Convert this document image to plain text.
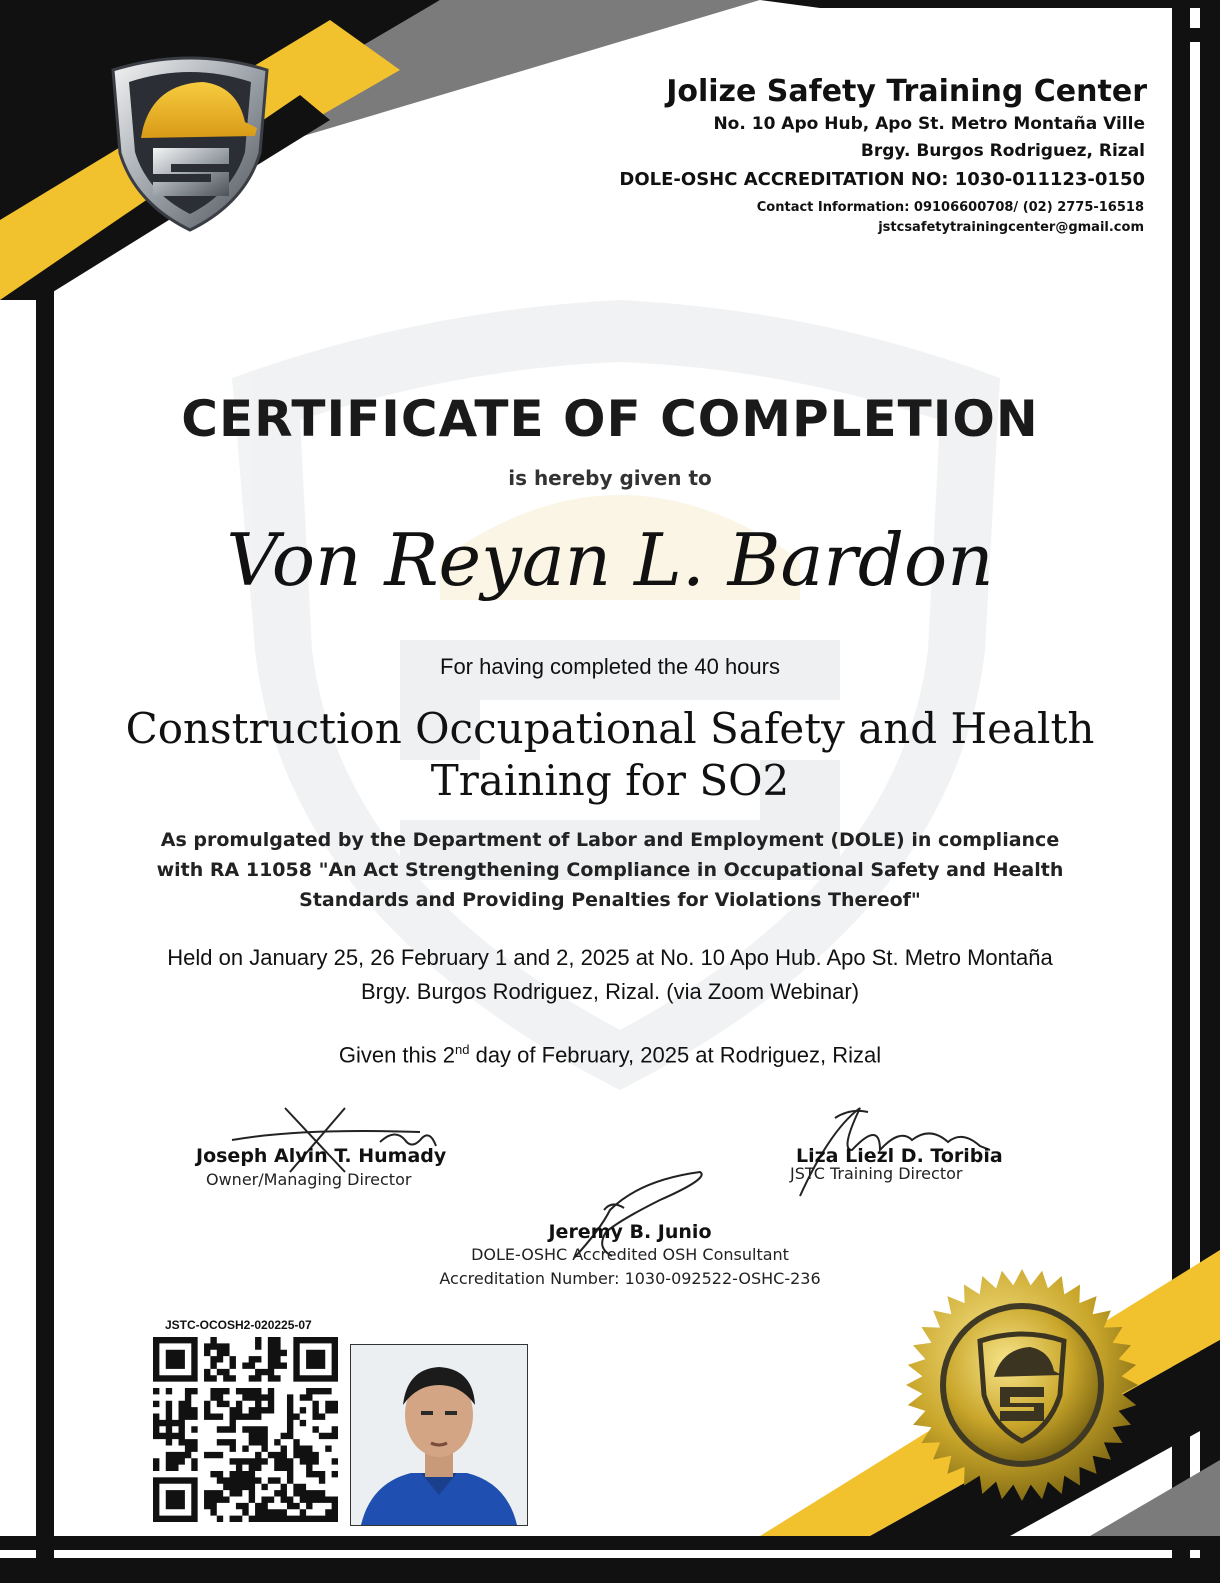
Jolize Safety Training Center
No. 10 Apo Hub, Apo St. Metro Montaña Ville
Brgy. Burgos Rodriguez, Rizal
DOLE-OSHC ACCREDITATION NO: 1030-011123-0150
Contact Information: 09106600708/ (02) 2775-16518
jstcsafetytrainingcenter@gmail.com
CERTIFICATE OF COMPLETION
is hereby given to
Von Reyan L. Bardon
For having completed the 40 hours
Construction Occupational Safety and Health
Training for SO2
As promulgated by the Department of Labor and Employment (DOLE) in compliance
with RA 11058 "An Act Strengthening Compliance in Occupational Safety and Health
Standards and Providing Penalties for Violations Thereof"
Held on January 25, 26 February 1 and 2, 2025 at No. 10 Apo Hub. Apo St. Metro Montaña
Brgy. Burgos Rodriguez, Rizal. (via Zoom Webinar)
Given this 2nd day of February, 2025 at Rodriguez, Rizal
Joseph Alvin T. Humady
Owner/Managing Director
Liza Liezl D. Toribia
JSTC Training Director
Jeremy B. Junio
DOLE-OSHC Accredited OSH Consultant
Accreditation Number: 1030-092522-OSHC-236
JSTC-OCOSH2-020225-07
